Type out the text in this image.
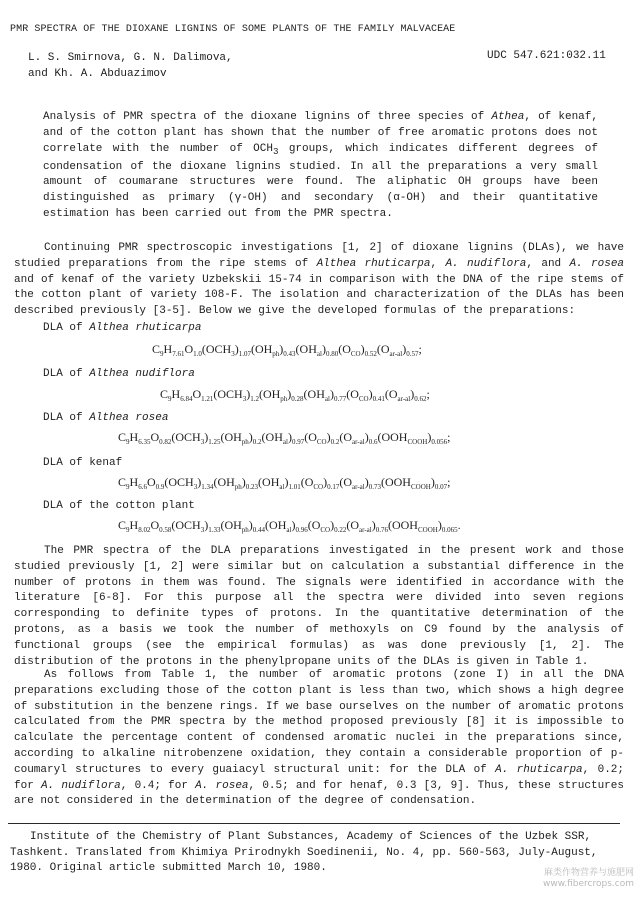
PMR SPECTRA OF THE DIOXANE LIGNINS OF SOME PLANTS OF THE FAMILY MALVACEAE
L. S. Smirnova, G. N. Dalimova,
and Kh. A. Abduazimov
UDC 547.621:032.11
Analysis of PMR spectra of the dioxane lignins of three species of Athea, of kenaf, and of the cotton plant has shown that the number of free aromatic protons does not correlate with the number of $OCH_3$ groups, which indicates different degrees of condensation of the dioxane lignins studied. In all the preparations a very small amount of coumarane structures were found. The aliphatic OH groups have been distinguished as primary (γ-OH) and secondary (α-OH) and their quantitative estimation has been carried out from the PMR spectra.
Continuing PMR spectroscopic investigations [1, 2] of dioxane lignins (DLAs), we have studied preparations from the ripe stems of Althea rhuticarpa, A. nudiflora, and A. rosea and of kenaf of the variety Uzbekskii 15-74 in comparison with the DNA of the ripe stems of the cotton plant of variety 108-F. The isolation and characterization of the DLAs has been described previously [3-5]. Below we give the developed formulas of the preparations:
DLA of Althea rhuticarpa
DLA of Althea nudiflora
DLA of Althea rosea
DLA of kenaf
DLA of the cotton plant
$C_9H_{7.61}O_{1.0}(OCH_3)_{1.07}(OH_{ph})_{0.43}(OH_{al})_{0.80}(O_{CO})_{0.52}(O_{ar-al})_{0.57}$;
$C_9H_{6.84}O_{1.21}(OCH_3)_{1.2}(OH_{ph})_{0.28}(OH_{al})_{0.77}(O_{CO})_{0.41}(O_{ar-al})_{0.62}$;
$C_9H_{6.35}O_{0.82}(OCH_3)_{1.25}(OH_{ph})_{0.2}(OH_{al})_{0.97}(O_{CO})_{0.2}(O_{ar-al})_{0.6}(OOH_{COOH})_{0.056}$;
$C_9H_{6.6}O_{0.9}(OCH_3)_{1.34}(OH_{ph})_{0.23}(OH_{al})_{1.01}(O_{CO})_{0.17}(O_{ar-al})_{0.73}(OOH_{COOH})_{0.07}$;
$C_9H_{8.02}O_{0.58}(OCH_3)_{1.33}(OH_{ph})_{0.44}(OH_{al})_{0.96}(O_{CO})_{0.22}(O_{ar-al})_{0.76}(OOH_{COOH})_{0.065}$.
The PMR spectra of the DLA preparations investigated in the present work and those studied previously [1, 2] were similar but on calculation a substantial difference in the number of protons in them was found. The signals were identified in accordance with the literature [6-8]. For this purpose all the spectra were divided into seven regions corresponding to definite types of protons. In the quantitative determination of the protons, as a basis we took the number of methoxyls on C9 found by the analysis of functional groups (see the empirical formulas) as was done previously [1, 2]. The distribution of the protons in the phenylpropane units of the DLAs is given in Table 1.
As follows from Table 1, the number of aromatic protons (zone I) in all the DNA preparations excluding those of the cotton plant is less than two, which shows a high degree of substitution in the benzene rings. If we base ourselves on the number of aromatic protons calculated from the PMR spectra by the method proposed previously [8] it is impossible to calculate the percentage content of condensed aromatic nuclei in the preparations since, according to alkaline nitrobenzene oxidation, they contain a considerable proportion of p-coumaryl structures to every guaiacyl structural unit: for the DLA of A. rhuticarpa, 0.2; for A. nudiflora, 0.4; for A. rosea, 0.5; and for henaf, 0.3 [3, 9]. Thus, these structures are not considered in the determination of the degree of condensation.
Institute of the Chemistry of Plant Substances, Academy of Sciences of the Uzbek SSR,
Tashkent. Translated from Khimiya Prirodnykh Soedinenii, No. 4, pp. 560-563, July-August,
1980. Original article submitted March 10, 1980.	麻类作物营养与施肥网
www.fibercrops.com
